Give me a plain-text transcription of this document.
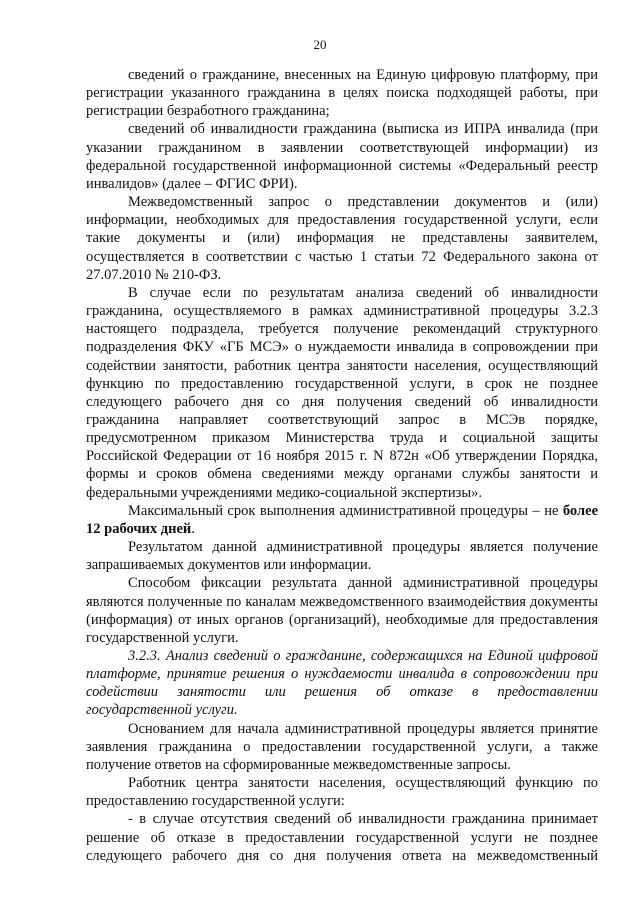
20

сведений о гражданине, внесенных на Единую цифровую платформу, при регистрации указанного гражданина в целях поиска подходящей работы, при регистрации безработного гражданина;

сведений об инвалидности гражданина (выписка из ИПРА инвалида (при указании гражданином в заявлении соответствующей информации) из федеральной государственной информационной системы «Федеральный реестр инвалидов» (далее – ФГИС ФРИ).

Межведомственный запрос о представлении документов и (или) информации, необходимых для предоставления государственной услуги, если такие документы и (или) информация не представлены заявителем, осуществляется в соответствии с частью 1 статьи 72 Федерального закона от 27.07.2010 № 210-ФЗ.

В случае если по результатам анализа сведений об инвалидности гражданина, осуществляемого в рамках административной процедуры 3.2.3 настоящего подраздела, требуется получение рекомендаций структурного подразделения ФКУ «ГБ МСЭ» о нуждаемости инвалида в сопровождении при содействии занятости, работник центра занятости населения, осуществляющий функцию по предоставлению государственной услуги, в срок не позднее следующего рабочего дня со дня получения сведений об инвалидности гражданина направляет соответствующий запрос в МСЭв порядке, предусмотренном приказом Министерства труда и социальной защиты Российской Федерации от 16 ноября 2015 г. N 872н «Об утверждении Порядка, формы и сроков обмена сведениями между органами службы занятости и федеральными учреждениями медико-социальной экспертизы».

Максимальный срок выполнения административной процедуры – не более 12 рабочих дней.

Результатом данной административной процедуры является получение запрашиваемых документов или информации.

Способом фиксации результата данной административной процедуры являются полученные по каналам межведомственного взаимодействия документы (информация) от иных органов (организаций), необходимые для предоставления государственной услуги.

3.2.3. Анализ сведений о гражданине, содержащихся на Единой цифровой платформе, принятие решения о нуждаемости инвалида в сопровождении при содействии занятости или решения об отказе в предоставлении государственной услуги.

Основанием для начала административной процедуры является принятие заявления гражданина о предоставлении государственной услуги, а также получение ответов на сформированные межведомственные запросы.

Работник центра занятости населения, осуществляющий функцию по предоставлению государственной услуги:

- в случае отсутствия сведений об инвалидности гражданина принимает решение об отказе в предоставлении государственной услуги не позднее следующего рабочего дня со дня получения ответа на межведомственный
